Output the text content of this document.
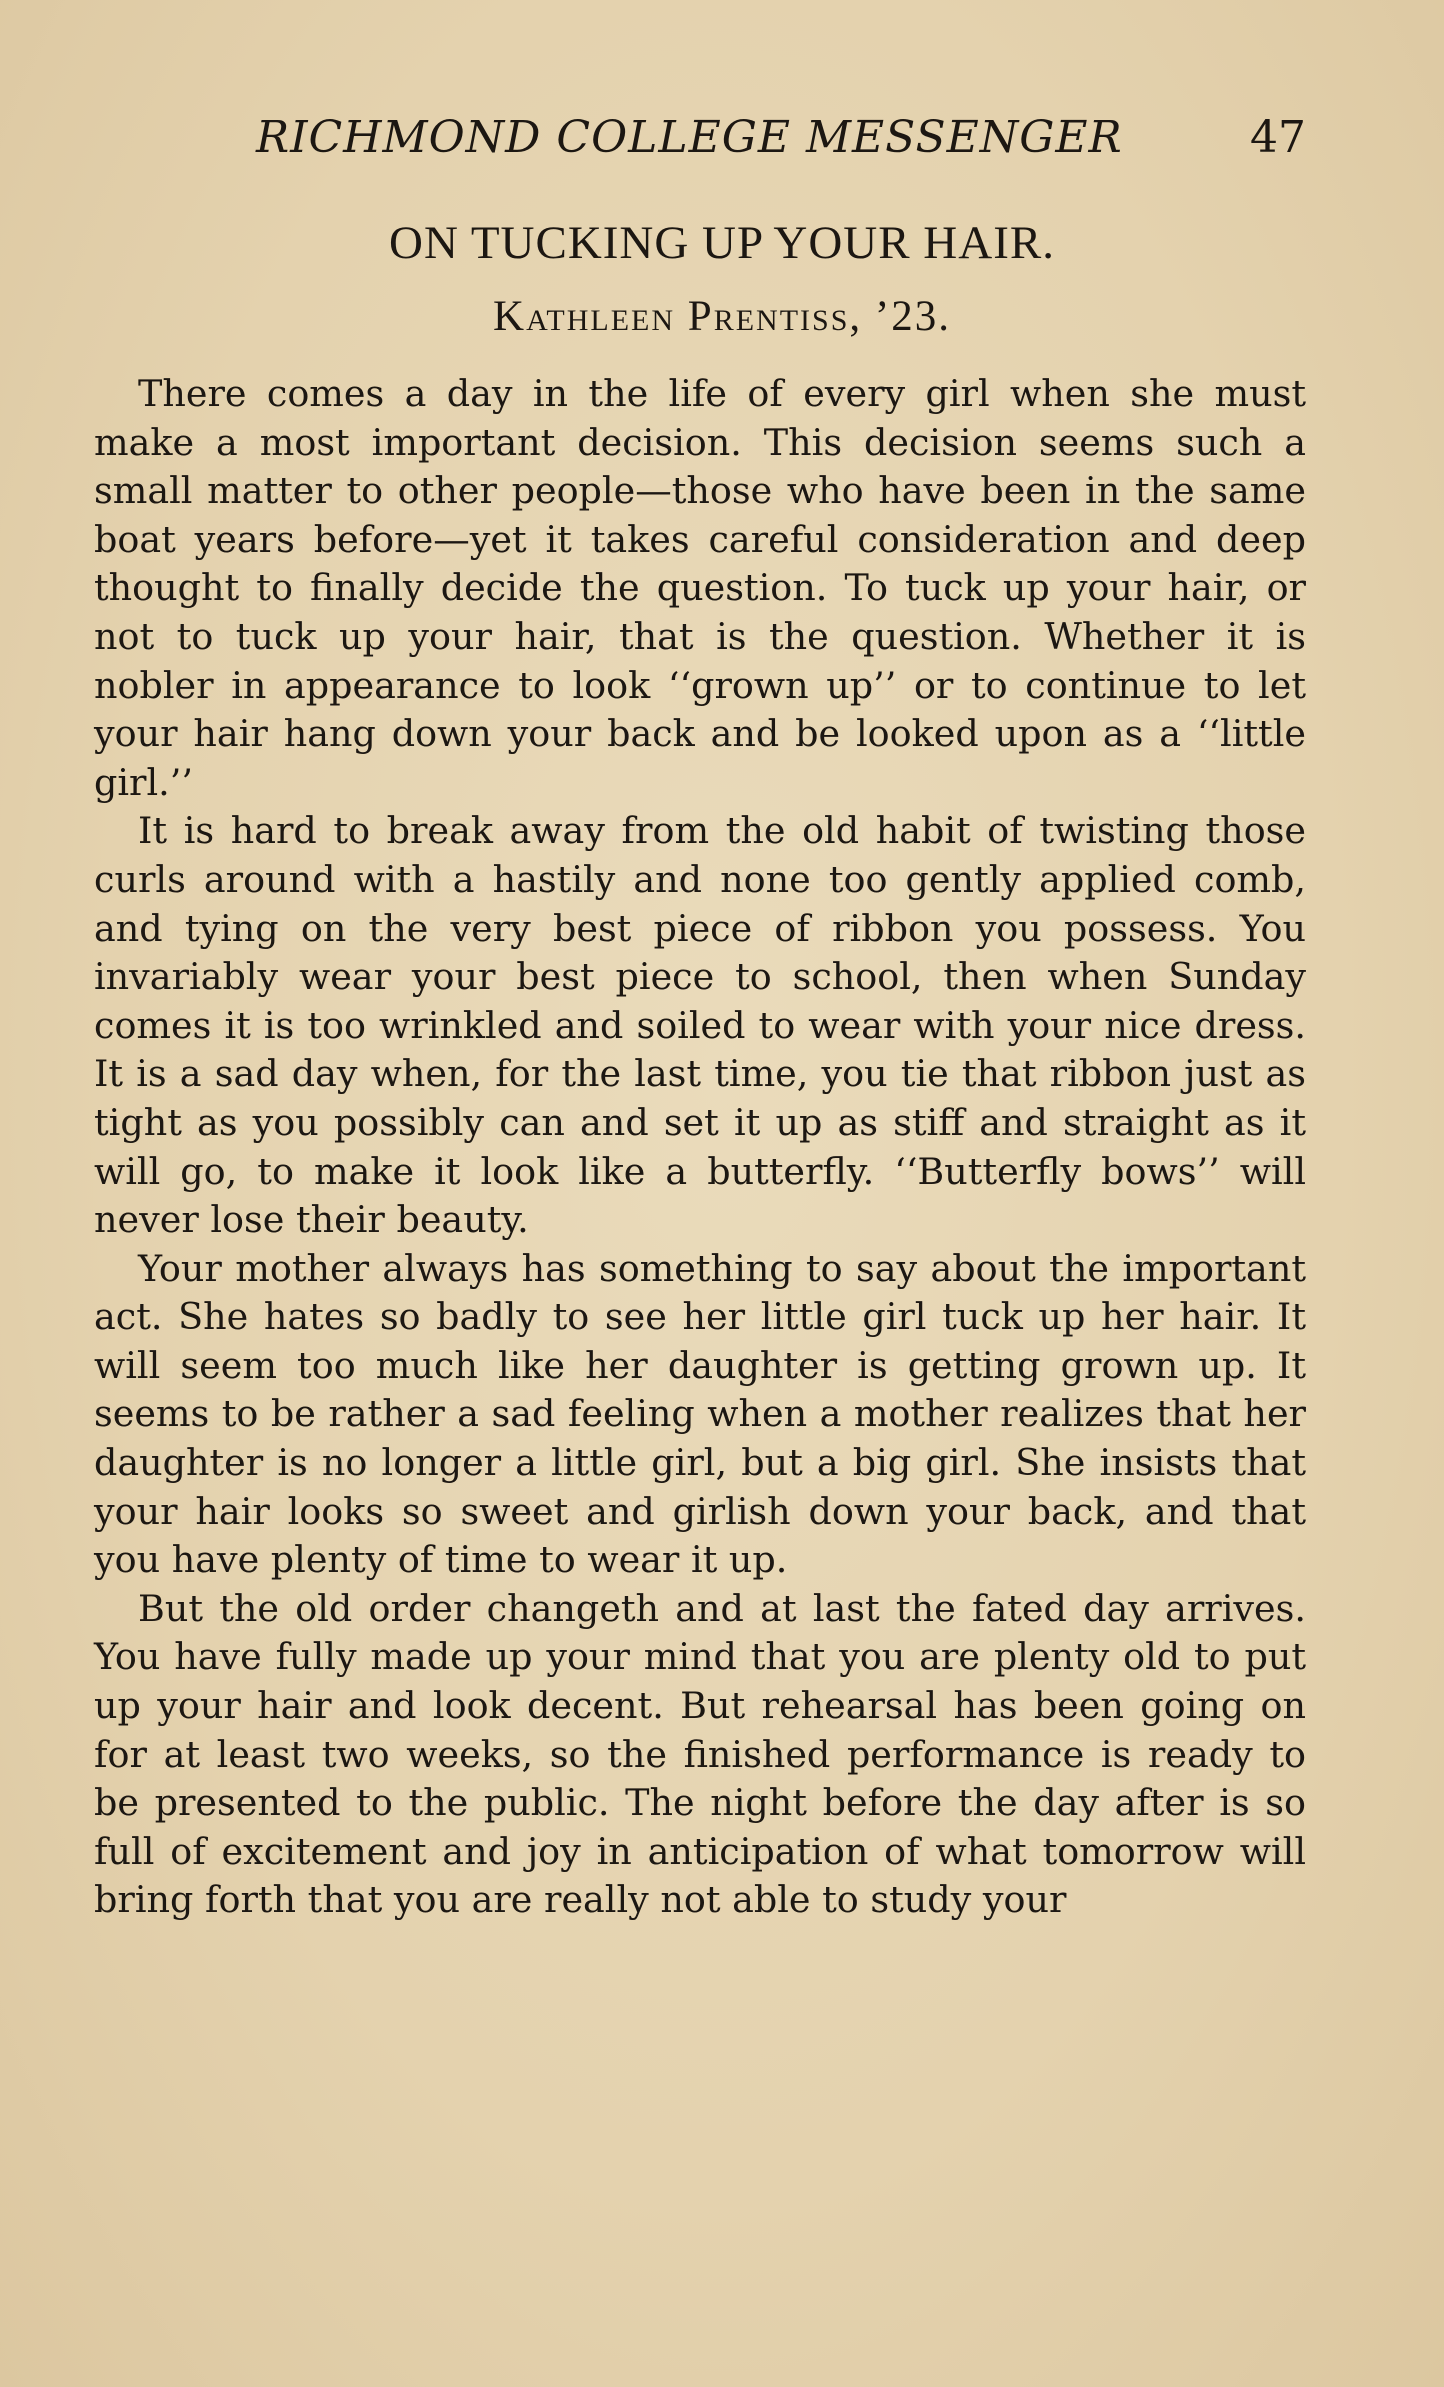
RICHMOND COLLEGE MESSENGER	47
ON TUCKING UP YOUR HAIR.
Kathleen Prentiss, ’23.

There comes a day in the life of every girl when she must make a most important decision. This decision seems such a small matter to other people—those who have been in the same boat years before—yet it takes careful consideration and deep thought to finally decide the question. To tuck up your hair, or not to tuck up your hair, that is the question. Whether it is nobler in appearance to look ‘‘grown up’’ or to continue to let your hair hang down your back and be looked upon as a ‘‘little girl.’’

It is hard to break away from the old habit of twisting those curls around with a hastily and none too gently applied comb, and tying on the very best piece of ribbon you possess. You invariably wear your best piece to school, then when Sunday comes it is too wrinkled and soiled to wear with your nice dress. It is a sad day when, for the last time, you tie that ribbon just as tight as you possibly can and set it up as stiff and straight as it will go, to make it look like a butterfly. ‘‘Butterfly bows’’ will never lose their beauty.

Your mother always has something to say about the important act. She hates so badly to see her little girl tuck up her hair. It will seem too much like her daughter is getting grown up. It seems to be rather a sad feeling when a mother realizes that her daughter is no longer a little girl, but a big girl. She insists that your hair looks so sweet and girlish down your back, and that you have plenty of time to wear it up.

But the old order changeth and at last the fated day arrives. You have fully made up your mind that you are plenty old to put up your hair and look decent. But rehearsal has been going on for at least two weeks, so the finished performance is ready to be presented to the public. The night before the day after is so full of excitement and joy in anticipation of what tomorrow will bring forth that you are really not able to study your
